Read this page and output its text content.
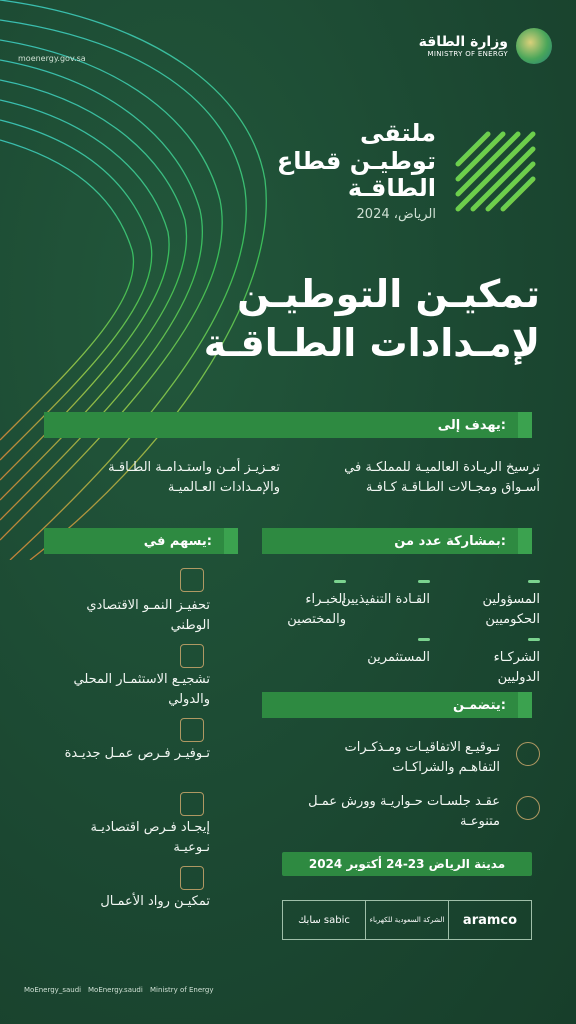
moenergy.gov.sa
وزارة الطاقة
MINISTRY OF ENERGY
ملتقى
توطيـن قطاع
الطاقـة
الرياض، 2024
تمكيـن التوطيـن
لإمـدادات الطـاقـة
يهدف إلى:
ترسيخ الريـادة العالميـة للمملكـة في أسـواق ومجـالات الطـاقـة كـافـة
تعـزيـز أمـن واستـدامـة الطـاقـة والإمـدادات العـالميـة
بمشاركة عدد من:
المسؤولين الحكوميين
القـادة التنفيذيين
الخبـراء والمختصين
الشركـاء الدوليين
المستثمرين
يسهم في:
تحفيـز النمـو الاقتصادي الوطني
تشجيـع الاستثمـار المحلي والدولي
تـوفيـر فـرص عمـل جديـدة
إيجـاد فـرص اقتصاديـة نـوعيـة
تمكيـن رواد الأعمـال
يتضمـن:
تـوقيـع الاتفاقيـات ومـذكـرات التفاهـم والشراكـات
عقـد جلسـات حـواريـة وورش عمـل متنوعـة
مدينة الرياض 23-24 أكتوبر 2024
سابك sabic	الشركة السعودية للكهرباء	aramco
MoEnergy_saudi MoEnergy.saudi Ministry of Energy
